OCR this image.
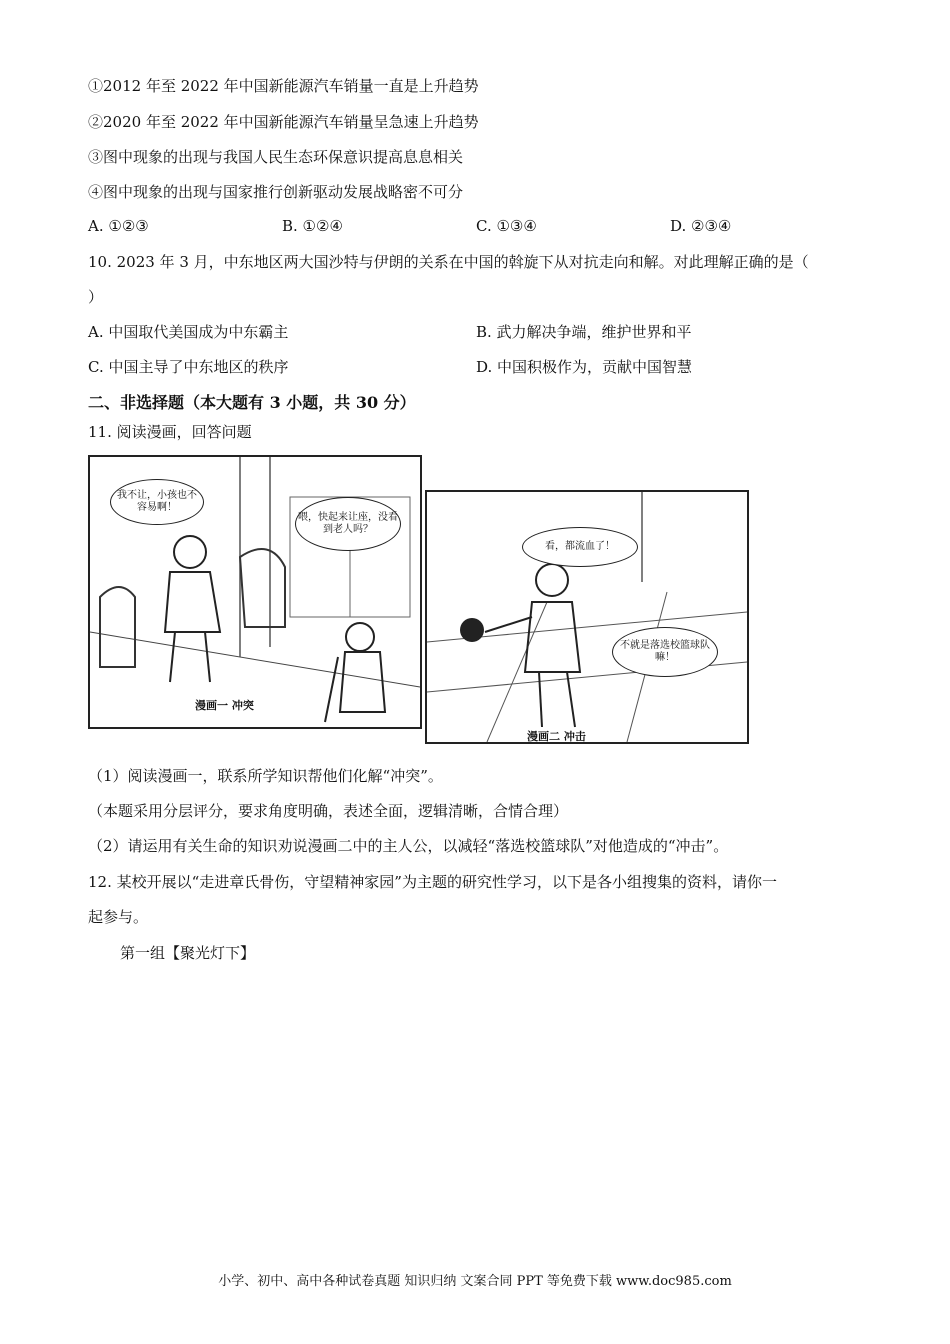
①2012 年至 2022 年中国新能源汽车销量一直是上升趋势
②2020 年至 2022 年中国新能源汽车销量呈急速上升趋势
③图中现象的出现与我国人民生态环保意识提高息息相关
④图中现象的出现与国家推行创新驱动发展战略密不可分
A. ①②③	B. ①②④	C. ①③④	D. ②③④
10. 2023 年 3 月，中东地区两大国沙特与伊朗的关系在中国的斡旋下从对抗走向和解。对此理解正确的是（
）
A. 中国取代美国成为中东霸主	B. 武力解决争端，维护世界和平
C. 中国主导了中东地区的秩序	D. 中国积极作为，贡献中国智慧
二、非选择题（本大题有 3 小题，共 30 分）
11. 阅读漫画，回答问题
我不让，小孩也不容易啊！
喂，快起来让座，没看到老人吗？
漫画一 冲突
看，都流血了！
不就是落选校篮球队嘛！
漫画二 冲击
（1）阅读漫画一，联系所学知识帮他们化解“冲突”。
（本题采用分层评分，要求角度明确，表述全面，逻辑清晰，合情合理）
（2）请运用有关生命的知识劝说漫画二中的主人公，以减轻“落选校篮球队”对他造成的“冲击”。
12. 某校开展以“走进章氏骨伤，守望精神家园”为主题的研究性学习，以下是各小组搜集的资料，请你一
起参与。
第一组【聚光灯下】
小学、初中、高中各种试卷真题 知识归纳 文案合同 PPT 等免费下载 www.doc985.com
